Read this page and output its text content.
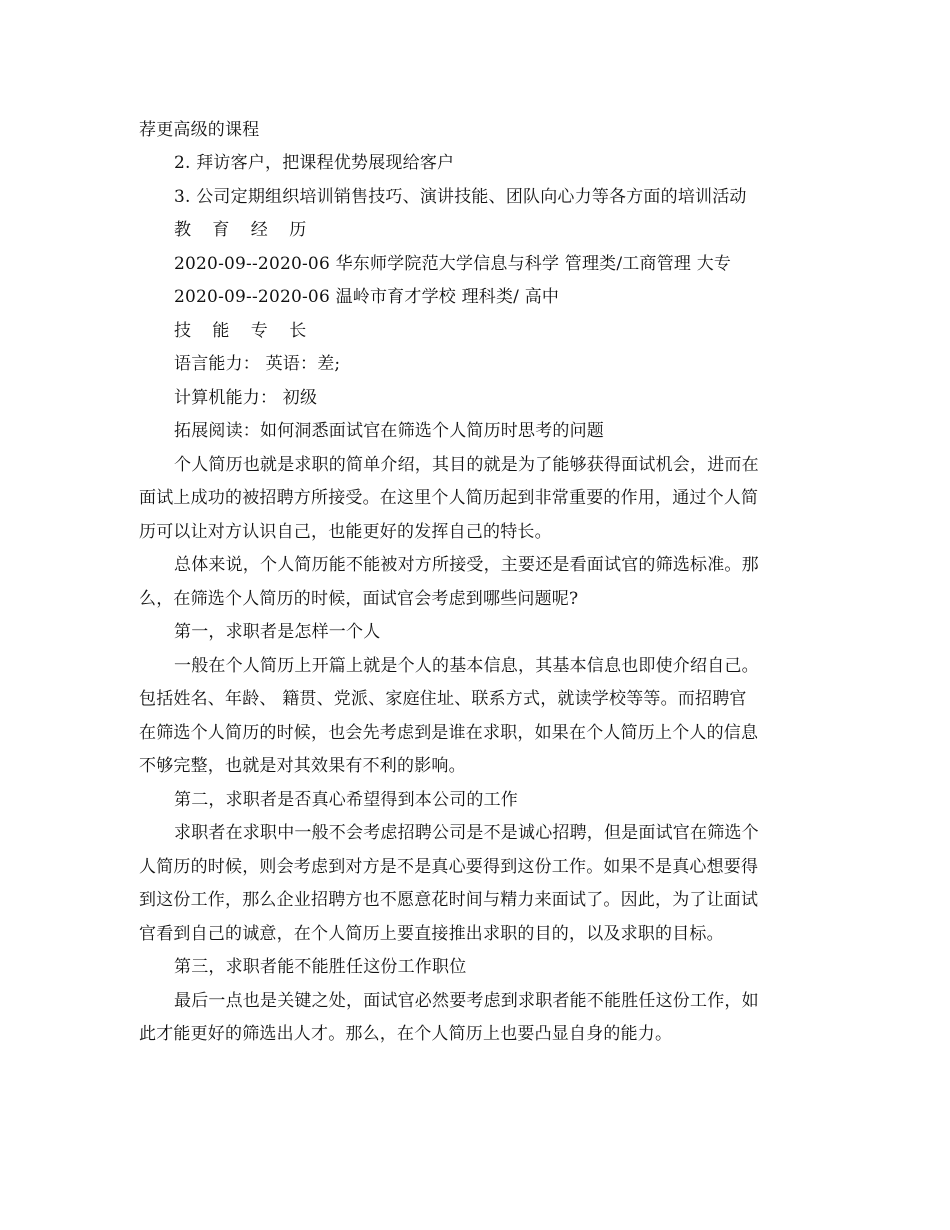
荐更高级的课程
2. 拜访客户，把课程优势展现给客户
3. 公司定期组织培训销售技巧、演讲技能、团队向心力等各方面的培训活动
教 育 经 历
2020-09--2020-06 华东师学院范大学信息与科学 管理类/工商管理 大专
2020-09--2020-06 温岭市育才学校 理科类/ 高中
技 能 专 长
语言能力： 英语：差;
计算机能力： 初级
拓展阅读：如何洞悉面试官在筛选个人简历时思考的问题
个人简历也就是求职的简单介绍，其目的就是为了能够获得面试机会，进而在
面试上成功的被招聘方所接受。在这里个人简历起到非常重要的作用，通过个人简
历可以让对方认识自己，也能更好的发挥自己的特长。
总体来说，个人简历能不能被对方所接受，主要还是看面试官的筛选标准。那
么，在筛选个人简历的时候，面试官会考虑到哪些问题呢?
第一，求职者是怎样一个人
一般在个人简历上开篇上就是个人的基本信息，其基本信息也即使介绍自己。
包括姓名、年龄、 籍贯、党派、家庭住址、联系方式，就读学校等等。而招聘官
在筛选个人简历的时候，也会先考虑到是谁在求职，如果在个人简历上个人的信息
不够完整，也就是对其效果有不利的影响。
第二，求职者是否真心希望得到本公司的工作
求职者在求职中一般不会考虑招聘公司是不是诚心招聘，但是面试官在筛选个
人简历的时候，则会考虑到对方是不是真心要得到这份工作。如果不是真心想要得
到这份工作，那么企业招聘方也不愿意花时间与精力来面试了。因此，为了让面试
官看到自己的诚意，在个人简历上要直接推出求职的目的，以及求职的目标。
第三，求职者能不能胜任这份工作职位
最后一点也是关键之处，面试官必然要考虑到求职者能不能胜任这份工作，如
此才能更好的筛选出人才。那么，在个人简历上也要凸显自身的能力。
